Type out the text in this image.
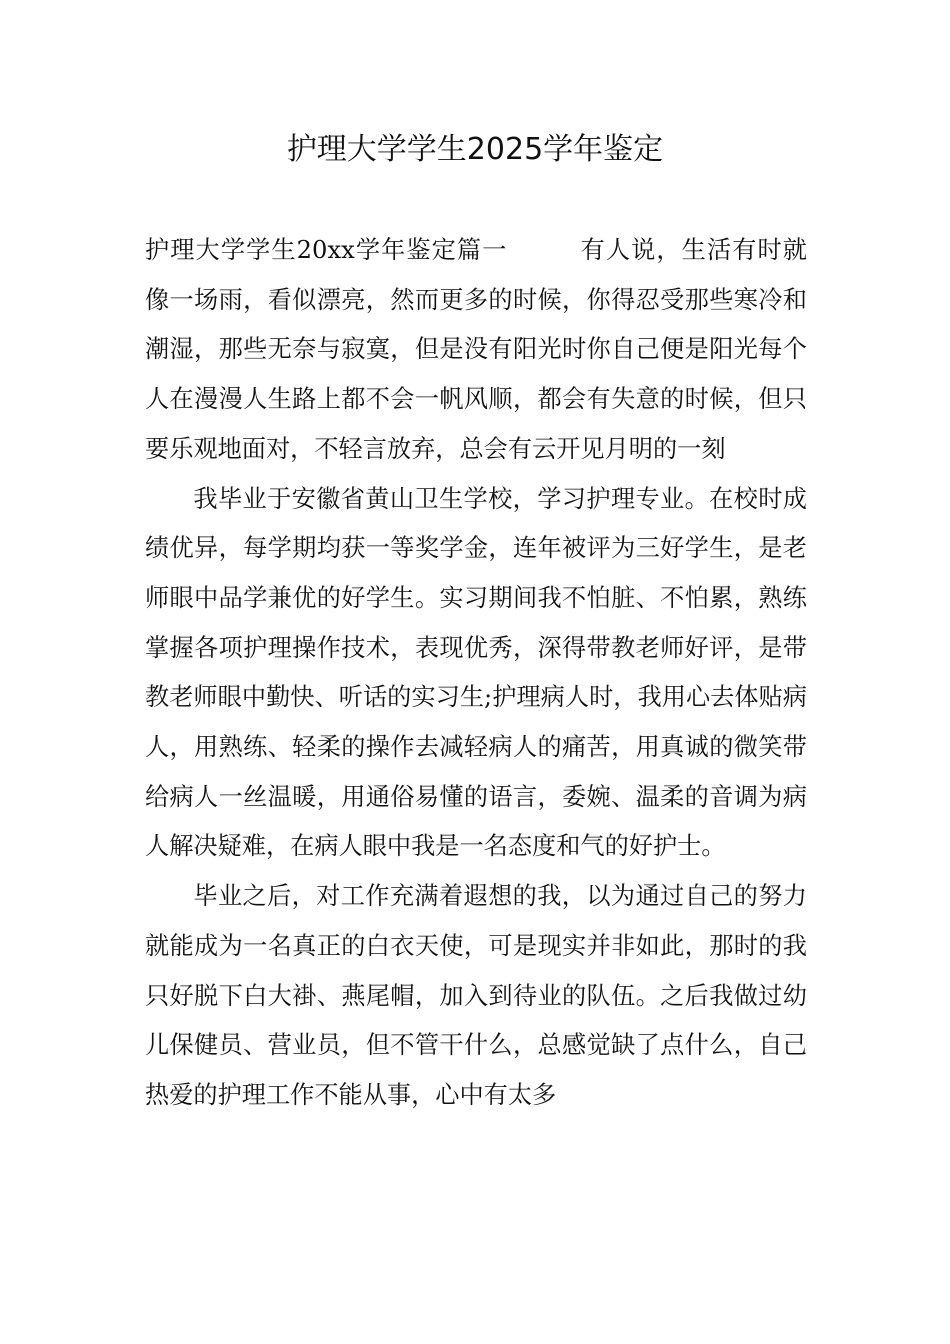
护理大学学生2025学年鉴定

护理大学学生20xx学年鉴定篇一	有人说，生活有时就像一场雨，看似漂亮，然而更多的时候，你得忍受那些寒冷和潮湿，那些无奈与寂寞，但是没有阳光时你自己便是阳光每个人在漫漫人生路上都不会一帆风顺，都会有失意的时候，但只要乐观地面对，不轻言放弃，总会有云开见月明的一刻

我毕业于安徽省黄山卫生学校，学习护理专业。在校时成绩优异，每学期均获一等奖学金，连年被评为三好学生，是老师眼中品学兼优的好学生。实习期间我不怕脏、不怕累，熟练掌握各项护理操作技术，表现优秀，深得带教老师好评，是带教老师眼中勤快、听话的实习生;护理病人时，我用心去体贴病人，用熟练、轻柔的操作去减轻病人的痛苦，用真诚的微笑带给病人一丝温暖，用通俗易懂的语言，委婉、温柔的音调为病人解决疑难，在病人眼中我是一名态度和气的好护士。

毕业之后，对工作充满着遐想的我，以为通过自己的努力就能成为一名真正的白衣天使，可是现实并非如此，那时的我只好脱下白大褂、燕尾帽，加入到待业的队伍。之后我做过幼儿保健员、营业员，但不管干什么，总感觉缺了点什么，自己热爱的护理工作不能从事，心中有太多
